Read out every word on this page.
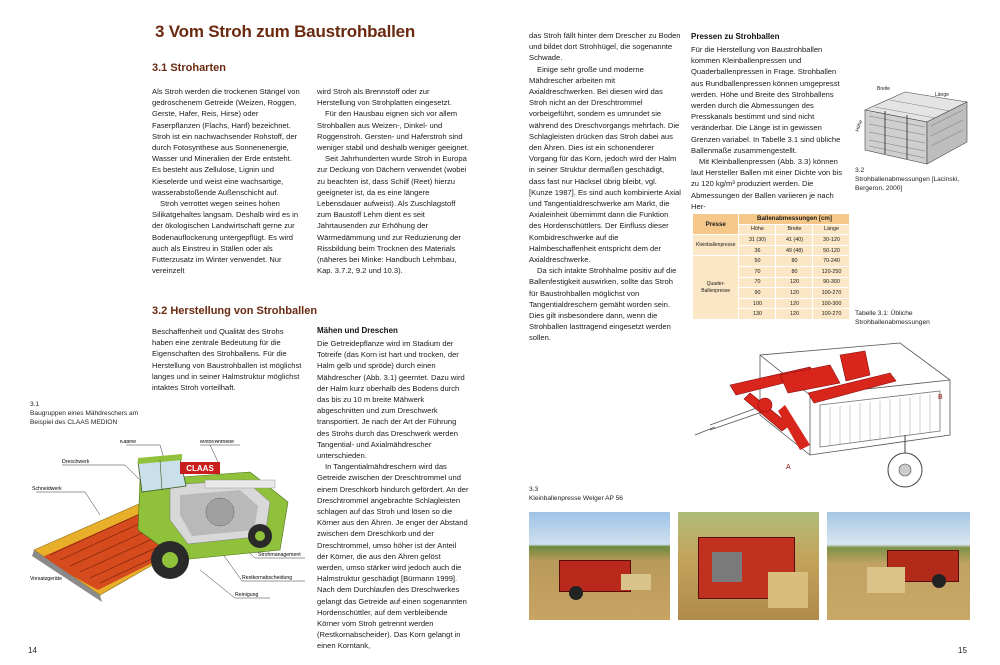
3 Vom Stroh zum Baustrohballen
3.1 Stroharten

Als Stroh werden die trockenen Stängel von gedroschenem Getreide (Weizen, Roggen, Gerste, Hafer, Reis, Hirse) oder Faserpflanzen (Flachs, Hanf) bezeichnet. Stroh ist ein nachwachsender Rohstoff, der durch Fotosynthese aus Sonnenenergie, Wasser und Mineralien der Erde entsteht. Es besteht aus Zellulose, Lignin und Kieselerde und weist eine wachsartige, wasserabstoßende Außenschicht auf.

Stroh verrottet wegen seines hohen Silikatgehaltes langsam. Deshalb wird es in der ökologischen Landwirtschaft gerne zur Bodenauflockerung untergepflügt. Es wird auch als Einstreu in Ställen oder als Futterzusatz im Winter verwendet. Nur vereinzelt

wird Stroh als Brennstoff oder zur Herstellung von Strohplatten eingesetzt.

Für den Hausbau eignen sich vor allem Strohballen aus Weizen-, Dinkel- und Roggenstroh. Gersten- und Haferstroh sind weniger stabil und deshalb weniger geeignet.

Seit Jahrhunderten wurde Stroh in Europa zur Deckung von Dächern verwendet (wobei zu beachten ist, dass Schilf (Reet) hierzu geeigneter ist, da es eine längere Lebensdauer aufweist). Als Zuschlagstoff zum Baustoff Lehm dient es seit Jahrtausenden zur Erhöhung der Wärmedämmung und zur Reduzierung der Rissbildung beim Trocknen des Materials (näheres bei Minke: Handbuch Lehmbau, Kap. 3.7.2, 9.2 und 10.3).

3.2 Herstellung von Strohballen

Beschaffenheit und Qualität des Strohs haben eine zentrale Bedeutung für die Eigenschaften des Strohballens. Für die Herstellung von Baustrohballen ist möglichst langes und in seiner Halmstruktur möglichst intaktes Stroh vorteilhaft.

Mähen und Dreschen

Die Getreidepflanze wird im Stadium der Totreife (das Korn ist hart und trocken, der Halm gelb und spröde) durch einen Mähdrescher (Abb. 3.1) geerntet. Dazu wird der Halm kurz oberhalb des Bodens durch das bis zu 10 m breite Mähwerk abgeschnitten und zum Dreschwerk transportiert. Je nach der Art der Führung des Strohs durch das Dreschwerk werden Tangential- und Axialmähdrescher unterschieden.

In Tangentialmähdreschern wird das Getreide zwischen der Dreschtrommel und einem Dreschkorb hindurch gefördert. An der Dreschtrommel angebrachte Schlagleisten schlagen auf das Stroh und lösen so die Körner aus den Ähren. Je enger der Abstand zwischen dem Dreschkorb und der Dreschtrommel, umso höher ist der Anteil der Körner, die aus den Ähren gelöst werden, umso stärker wird jedoch auch die Halmstruktur geschädigt [Bürmann 1999]. Nach dem Durchlaufen des Dreschwerkes gelangt das Getreide auf einen sogenannten Hordenschüttler, auf dem verbleibende Körner vom Stroh getrennt werden (Restkornabscheider). Das Korn gelangt in einen Korntank,

3.1
Baugruppen eines Mähdreschers am Beispiel des CLAAS MEDION
CLAAS
Kabine	Motor/Antriebe
Dreschwerk
Schneidwerk
Strohmanagement
Restkornabscheidung
Vorsatzgeräte
Reinigung
14

das Stroh fällt hinter dem Drescher zu Boden und bildet dort Strohhügel, die sogenannte Schwade.

Einige sehr große und moderne Mähdrescher arbeiten mit Axialdreschwerken. Bei diesen wird das Stroh nicht an der Dreschtrommel vorbeigeführt, sondern es umrundet sie während des Dreschvorgangs mehrfach. Die Schlagleisten drücken das Stroh dabei aus den Ähren. Dies ist ein schonenderer Vorgang für das Korn, jedoch wird der Halm in seiner Struktur dermaßen geschädigt, dass fast nur Häcksel übrig bleibt, vgl. [Kunze 1987]. Es sind auch kombinierte Axial und Tangentialdreschwerke am Markt, die Axialeinheit übernimmt dann die Funktion des Hordenschüttlers. Der Einfluss dieser Kombidreschwerke auf die Halmbeschaffenheit entspricht dem der Axialdreschwerke.

Da sich intakte Strohhalme positiv auf die Ballenfestigkeit auswirken, sollte das Stroh für Baustrohballen möglichst von Tangentialdreschern gemäht worden sein. Dies gilt insbesondere dann, wenn die Strohballen lasttragend eingesetzt werden sollen.

Pressen zu Strohballen

Für die Herstellung von Baustrohballen kommen Kleinballenpressen und Quaderballenpressen in Frage. Strohballen aus Rundballenpressen können umgepresst werden. Höhe und Breite des Strohballens werden durch die Abmessungen des Presskanals bestimmt und sind nicht veränderbar. Die Länge ist in gewissen Grenzen variabel. In Tabelle 3.1 sind übliche Ballenmaße zusammengestellt.

Mit Kleinballenpressen (Abb. 3.3) können laut Hersteller Ballen mit einer Dichte von bis zu 120 kg/m³ produziert werden. Die Abmessungen der Ballen variieren je nach Her-

Breite
Länge
Höhe
3.2
Strohballenabmessungen [Lacinski, Bergeron, 2000]
Presse	Ballenabmessungen [cm]		
	Höhe	Breite	Länge
Kleinballenpresse	31 (30)	41 (40)	30-120
	36	49 (48)	50-120
Quader-Ballenpresse	50	80	70-240
	70	80	120-250
	70	120	90-300
	90	120	100-270
	100	120	100-300
	130	120	100-270 Tabelle 3.1: Übliche Strohballenabmessungen
A
B
3.3
Kleinballenpresse Welger AP 56
15
